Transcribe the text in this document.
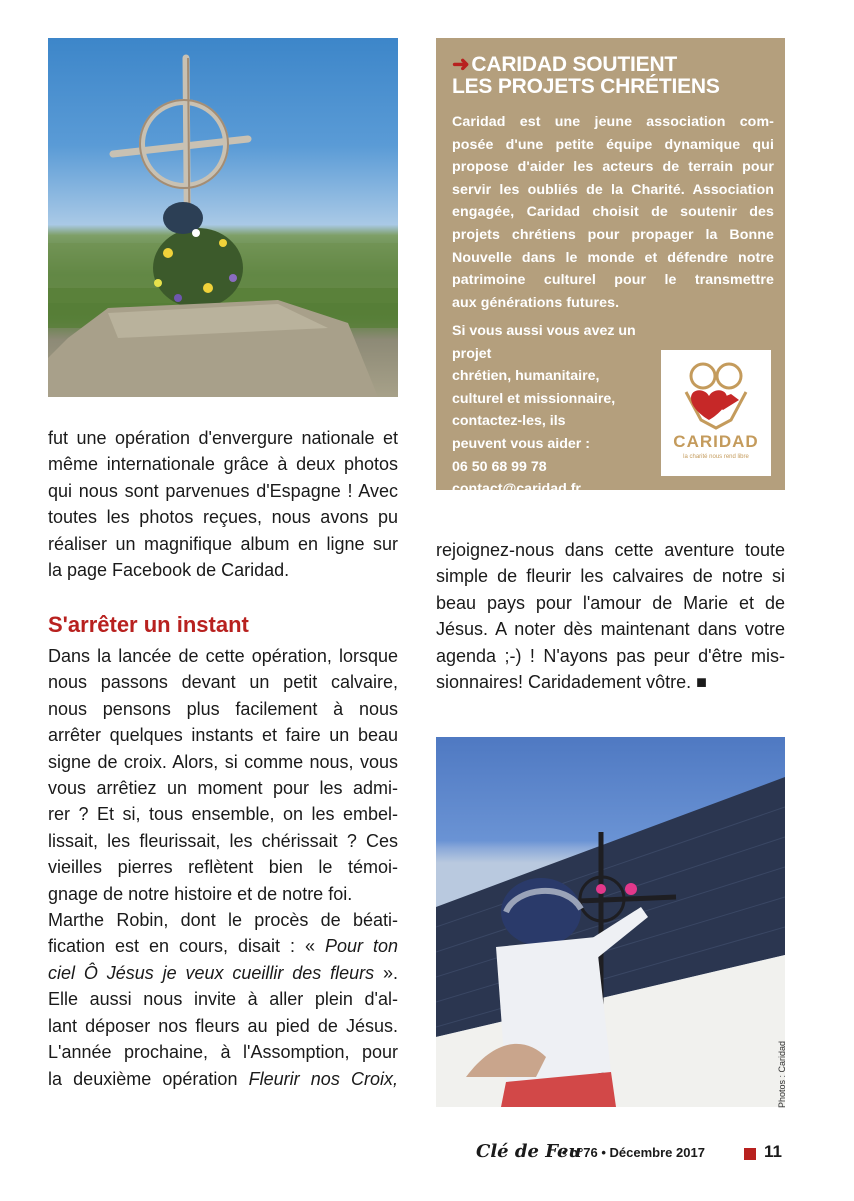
➜CARIDAD SOUTIENT
LES PROJETS CHRÉTIENS
Caridad est une jeune association com-
posée d'une petite équipe dynamique qui
propose d'aider les acteurs de terrain pour
servir les oubliés de la Charité. Association
engagée, Caridad choisit de soutenir des
projets chrétiens pour propager la Bonne
Nouvelle dans le monde et défendre notre
patrimoine culturel pour le transmettre
aux générations futures.
Si vous aussi vous avez un projet
chrétien, humanitaire,
culturel et missionnaire,
contactez-les, ils
peuvent vous aider :
06 50 68 99 78
contact@caridad.fr
CARIDAD
la charité nous rend libre
fut une opération d'envergure nationale et
même internationale grâce à deux photos
qui nous sont parvenues d'Espagne ! Avec
toutes les photos reçues, nous avons pu
réaliser un magnifique album en ligne sur
la page Facebook de Caridad.
S'arrêter un instant
Dans la lancée de cette opération, lorsque
nous passons devant un petit calvaire,
nous pensons plus facilement à nous
arrêter quelques instants et faire un beau
signe de croix. Alors, si comme nous, vous
vous arrêtiez un moment pour les admi-
rer ? Et si, tous ensemble, on les embel-
lissait, les fleurissait, les chérissait ? Ces
vieilles pierres reflètent bien le témoi-
gnage de notre histoire et de notre foi.
Marthe Robin, dont le procès de béati-
fication est en cours, disait : « Pour ton
ciel Ô Jésus je veux cueillir des fleurs ».
Elle aussi nous invite à aller plein d'al-
lant déposer nos fleurs au pied de Jésus.
L'année prochaine, à l'Assomption, pour
la deuxième opération Fleurir nos Croix,
rejoignez-nous dans cette aventure toute
simple de fleurir les calvaires de notre si
beau pays pour l'amour de Marie et de
Jésus. A noter dès maintenant dans votre
agenda ;-) ! N'ayons pas peur d'être mis-
sionnaires! Caridadement vôtre. ■
Photos : Caridad
Clé de Feu
• n°76 • Décembre 2017	11
